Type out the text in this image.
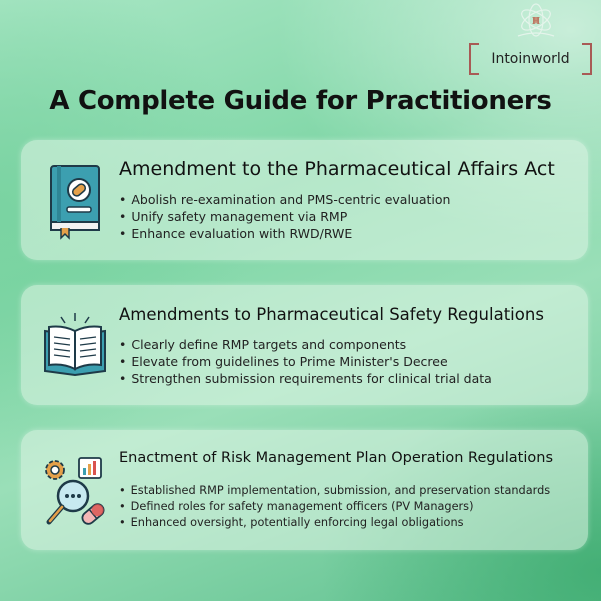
H
Intoinworld
A Complete Guide for Practitioners
Amendment to the Pharmaceutical Affairs Act
• Abolish re-examination and PMS-centric evaluation
• Unify safety management via RMP
• Enhance evaluation with RWD/RWE
Amendments to Pharmaceutical Safety Regulations
• Clearly define RMP targets and components
• Elevate from guidelines to Prime Minister's Decree
• Strengthen submission requirements for clinical trial data
Enactment of Risk Management Plan Operation Regulations
• Established RMP implementation, submission, and preservation standards
• Defined roles for safety management officers (PV Managers)
• Enhanced oversight, potentially enforcing legal obligations
